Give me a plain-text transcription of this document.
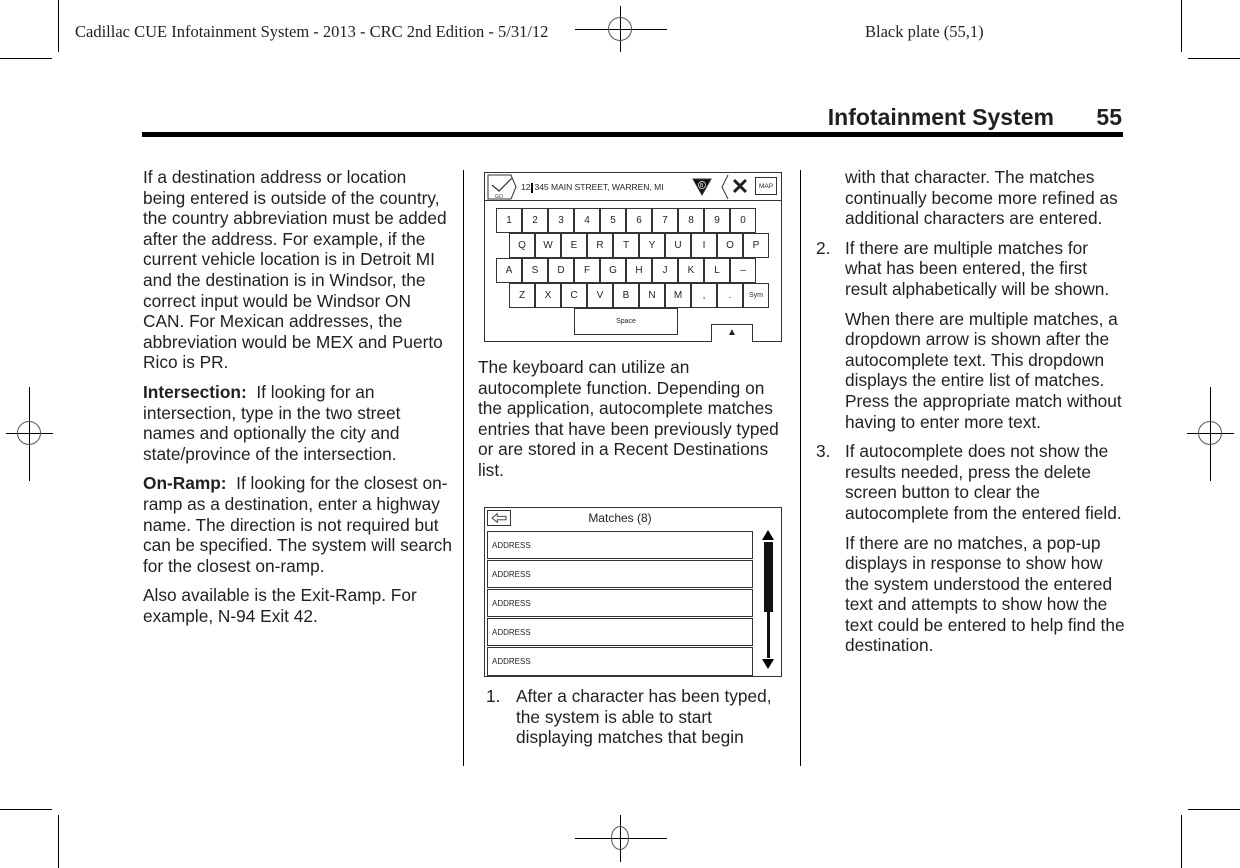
Cadillac CUE Infotainment System - 2013 - CRC 2nd Edition - 5/31/12	Black plate (55,1)
Infotainment System 55

If a destination address or location being entered is outside of the country, the country abbreviation must be added after the address. For example, if the current vehicle location is in Detroit MI and the destination is in Windsor, the correct input would be Windsor ON CAN. For Mexican addresses, the abbreviation would be MEX and Puerto Rico is PR.

Intersection: If looking for an intersection, type in the two street names and optionally the city and state/province of the intersection.

On-Ramp: If looking for the closest on-ramp as a destination, enter a highway name. The direction is not required but can be specified. The system will search for the closest on-ramp.

Also available is the Exit-Ramp. For example, N-94 Exit 42.

GO
12 345 MAIN STREET, WARREN, MI	B ✕	MAP
1	2	3	4	5	6	7	8	9	0
Q	W	E	R	T	Y	U	I	O	P
A	S	D	F	G	H	J	K	L	–
Z	X	C	V	B	N	M	,	.	Sym
Space
▲

The keyboard can utilize an autocomplete function. Depending on the application, autocomplete matches entries that have been previously typed or are stored in a Recent Destinations list.

Matches (8)
ADDRESS
ADDRESS
ADDRESS
ADDRESS
ADDRESS
1. After a character has been typed, the system is able to start displaying matches that begin

with that character. The matches continually become more refined as additional characters are entered.

2. If there are multiple matches for what has been entered, the first result alphabetically will be shown.

When there are multiple matches, a dropdown arrow is shown after the autocomplete text. This dropdown displays the entire list of matches. Press the appropriate match without having to enter more text.

3. If autocomplete does not show the results needed, press the delete screen button to clear the autocomplete from the entered field.

If there are no matches, a pop-up displays in response to show how the system understood the entered text and attempts to show how the text could be entered to help find the destination.
